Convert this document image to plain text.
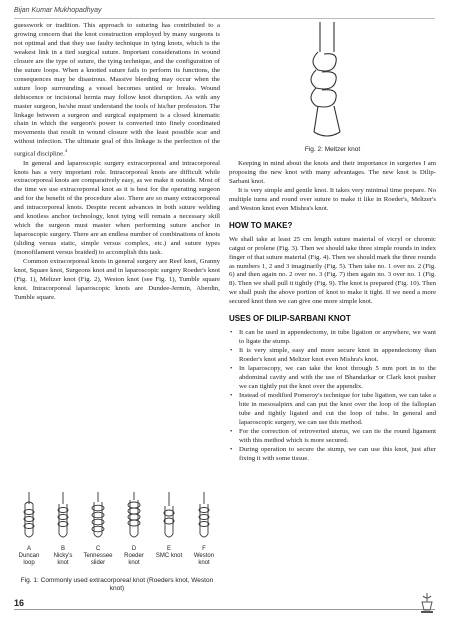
Bijan Kumar Mukhopadhyay

guesswork or tradition. This approach to suturing has contributed to a growing concern that the knot construction employed by many surgeons is not optimal and that they use faulty technique in tying knots, which is the weakest link in a tied surgical suture. Important considerations in wound closure are the type of suture, the tying technique, and the configuration of the suture loops. When a knotted suture fails to perform its functions, the consequences may be disastrous. Massive bleeding may occur when the suture loop surrounding a vessel becomes untied or breaks. Wound dehiscence or incisional hernia may follow knot disruption. As with any master surgeon, he/she must understand the tools of his/her profession. The linkage between a surgeon and surgical equipment is a closed kinematic chain in which the surgeon's power is converted into finely coordinated movements that result in wound closure with the least possible scar and without infection. The ultimate goal of this linkage is the perfection of the surgical discipline.$^4$

In general and laparoscopic surgery extracorporeal and intracorporeal knots has a very important role. Intracorporeal knots are difficult while extracorporeal knots are comparatively easy, as we make it outside. Most of the time we use extracorporeal knot as it is best for the operating surgeon and for the benefit of the procedure also. There are so many extracorporeal and intracorporeal knots. Despite recent advances in both suture welding and knotless anchor technology, knot tying will remain a necessary skill which the surgeon must master when performing suture anchor in laparoscopic surgery. There are an endless number of combinations of knots (sliding versus static, simple versus complex, etc.) and suture types (monofilament versus braided) to accomplish this task.

Common extracorporeal knots in general surgery are Reef knot, Granny knot, Square knot, Surgeons knot and in laparoscopic surgery Roeder's knot (Fig. 1), Meltzer knot (Fig. 2), Weston knot (see Fig. 1), Tumble square knot. Intracorporeal laparoscopic knots are Dundee-Jermin, Aberdin, Tumble square.

A
Duncan loop
B
Nicky's knot
C
Tennessee slider
D
Roeder knot
E
SMC knot
F
Weston knot
Fig. 1: Commonly used extracorporeal knot (Roeders knot, Weston knot)
Fig. 2: Meltzer knot

Keeping in mind about the knots and their importance in surgeries I am proposing the new knot with many advantages. The new knot is Dilip-Sarbani knot.

It is very simple and gentle knot. It takes very minimal time prepare. No multiple turns and round over suture to make it like in Roeder's, Meltzer's and Weston knot even Mishra's knot.

HOW TO MAKE?

We shall take at least 25 cm length suture material of vicryl or chromic catgut or prolene (Fig. 3). Then we should take three simple rounds in index finger of that suture material (Fig. 4). Then we should mark the three rounds as numbers 1, 2 and 3 imaginarily (Fig. 5). Then take no. 1 over no. 2 (Fig. 6) and then again no. 2 over no. 3 (Fig. 7) then again no. 3 over no. 1 (Fig. 8). Then we shall pull it tightly (Fig. 9). The knot is prepared (Fig. 10). Then we shall push the above portion of knot to make it tight. If we need a more secured knot then we can give one more simple knot.

USES OF DILIP-SARBANI KNOT
• It can be used in appendectomy, in tube ligation or anywhere, we want to ligate the stump.
• It is very simple, easy and more secure knot in appendectomy than Roeder's knot and Meltzer knot even Mishra's knot.
• In laparoscopy, we can take the knot through 5 mm port in to the abdominal cavity and with the use of Bhandarkar or Clark knot pusher we can tightly put the knot over the appendix.
• Instead of modified Pomeroy's technique for tube ligation, we can take a bite in mesosalpinx and can put the knot over the loop of the fallopian tube and tightly ligated and cut the loop of tube. In general and laparoscopic surgery, we can use this method.
• For the correction of retroverted uterus, we can tie the round ligament with this method which is more secured.
• During operation to secure the stump, we can use this knot, just after fixing it with some tissue.
16
